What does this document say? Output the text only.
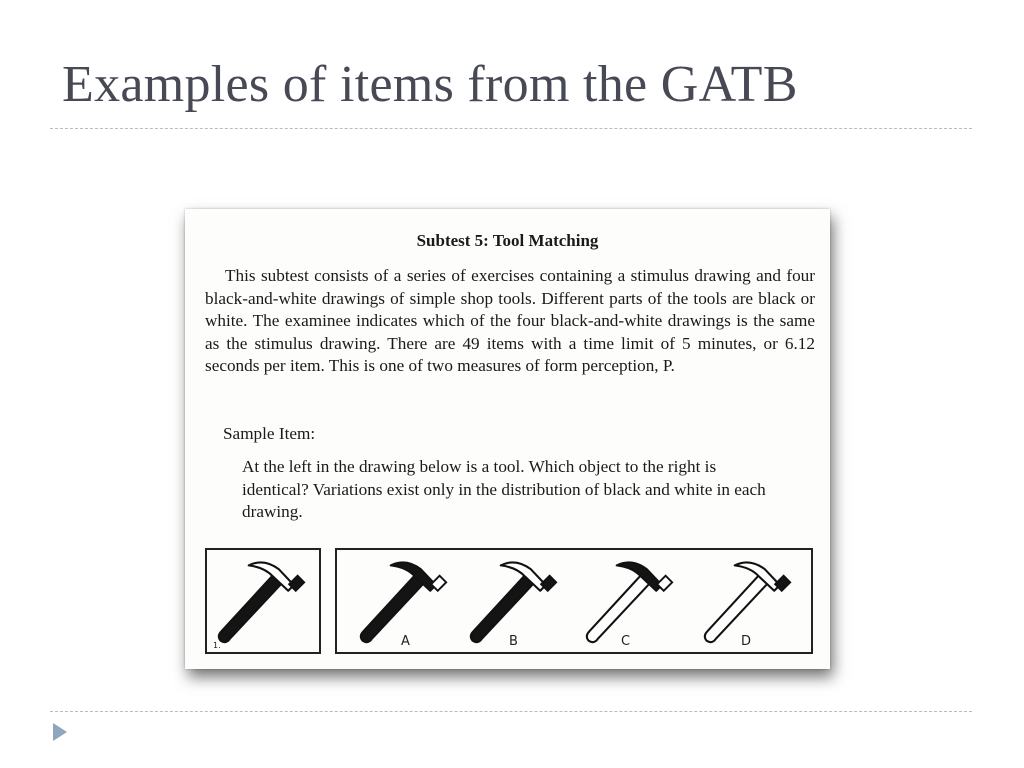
Examples of items from the GATB
Subtest 5: Tool Matching

This subtest consists of a series of exercises containing a stimulus drawing and four black-and-white drawings of simple shop tools. Different parts of the tools are black or white. The examinee indicates which of the four black-and-white drawings is the same as the stimulus drawing. There are 49 items with a time limit of 5 minutes, or 6.12 seconds per item. This is one of two measures of form perception, P.

Sample Item:

At the left in the drawing below is a tool. Which object to the right is identical? Variations exist only in the distribution of black and white in each drawing.

1.	A	B	C	D
